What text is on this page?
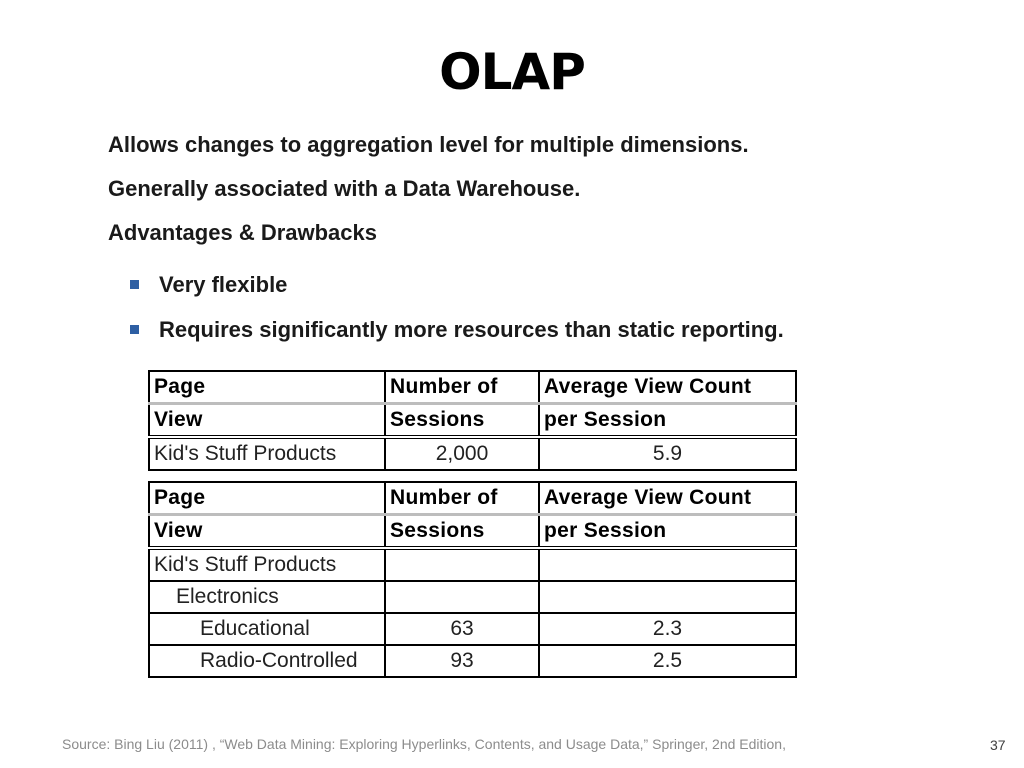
OLAP
Allows changes to aggregation level for multiple dimensions.
Generally associated with a Data Warehouse.
Advantages & Drawbacks
Very flexible
Requires significantly more resources than static reporting.
Page	Number of	Average View Count
View	Sessions	per Session
Kid's Stuff Products	2,000	5.9
Page	Number of	Average View Count
View	Sessions	per Session
Kid's Stuff Products		
Electronics		
Educational	63	2.3
Radio-Controlled	93	2.5
Source: Bing Liu (2011) , “Web Data Mining: Exploring Hyperlinks, Contents, and Usage Data,” Springer, 2nd Edition,	37
